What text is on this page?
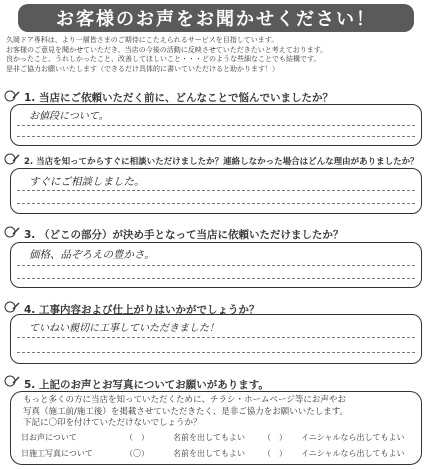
お客様のお声をお聞かせください！
久岡ドア専科は、より一層皆さまのご期待にこたえられるサービスを目指しています。
お客様のご意見を聞かせていただき、当店の今後の活動に反映させていただきたいと考えております。
良かったこと、うれしかったこと、改善してほしいこと・・・どのような些細なことでも結構です。
是非ご協力お願いいたします（できるだけ具体的に書いていただけると助かります！）
1. 当店にご依頼いただく前に、どんなことで悩んでいましたか？
お値段について。
2. 当店を知ってからすぐに相談いただけましたか？連絡しなかった場合はどんな理由がありましたか？
すぐにご相談しました。
3. （どこの部分）が決め手となって当店に依頼いただけましたか？
価格、品ぞろえの豊かさ。
4. 工事内容および仕上がりはいかがでしょうか？
ていねい親切に工事していただきました！
5. 上記のお声とお写真についてお願いがあります。
もっと多くの方に当店を知っていただくために、チラシ・ホームページ等にお声やお
写真（施工前/施工後）を掲載させていただきたく、是非ご協力をお願いいたします。
下記に〇印を付けていただけないでしょうか？
日お声について	（　）	名前を出してもよい （　） イニシャルなら出してもよい
日施工写真について	（〇）	名前を出してもよい （　） イニシャルなら出してもよい
